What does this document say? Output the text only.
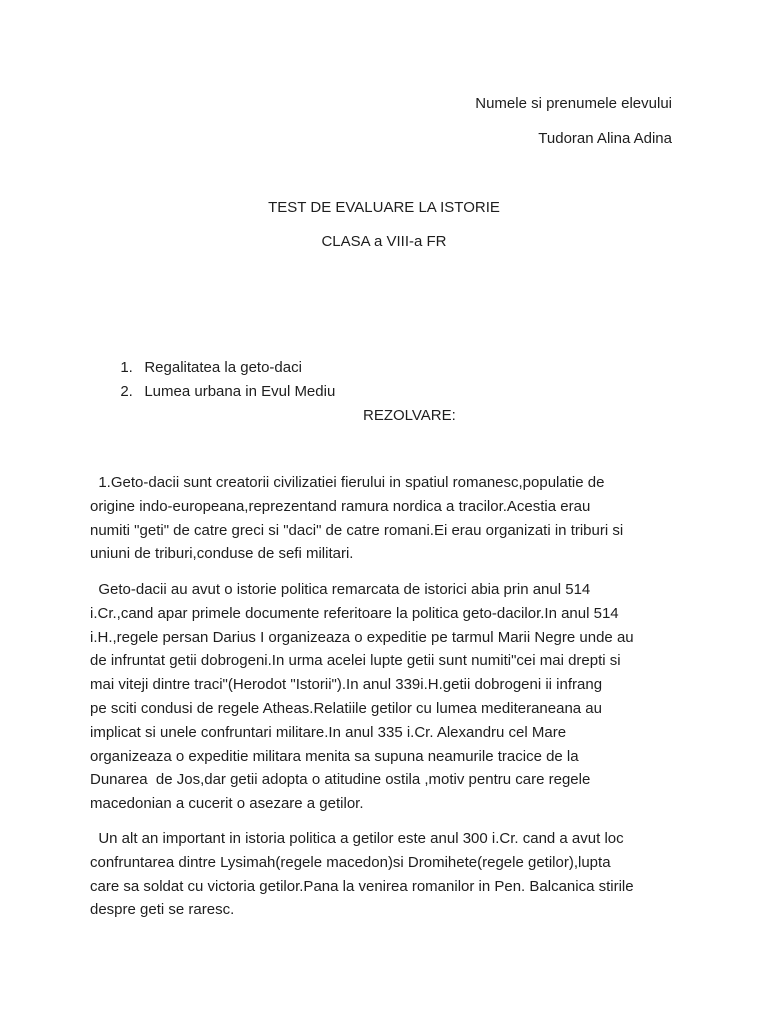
Numele si prenumele elevului
Tudoran Alina Adina
TEST DE EVALUARE LA ISTORIE
CLASA a VIII-a FR

1. Regalitatea la geto-daci

2. Lumea urbana in Evul Mediu

REZOLVARE:
1.Geto-dacii sunt creatorii civilizatiei fierului in spatiul romanesc,populatie de
origine indo-europeana,reprezentand ramura nordica a tracilor.Acestia erau
numiti "geti" de catre greci si "daci" de catre romani.Ei erau organizati in triburi si
uniuni de triburi,conduse de sefi militari.
Geto-dacii au avut o istorie politica remarcata de istorici abia prin anul 514
i.Cr.,cand apar primele documente referitoare la politica geto-dacilor.In anul 514
i.H.,regele persan Darius I organizeaza o expeditie pe tarmul Marii Negre unde au
de infruntat getii dobrogeni.In urma acelei lupte getii sunt numiti"cei mai drepti si
mai viteji dintre traci"(Herodot "Istorii").In anul 339i.H.getii dobrogeni ii infrang
pe sciti condusi de regele Atheas.Relatiile getilor cu lumea mediteraneana au
implicat si unele confruntari militare.In anul 335 i.Cr. Alexandru cel Mare
organizeaza o expeditie militara menita sa supuna neamurile tracice de la
Dunarea  de Jos,dar getii adopta o atitudine ostila ,motiv pentru care regele
macedonian a cucerit o asezare a getilor.
Un alt an important in istoria politica a getilor este anul 300 i.Cr. cand a avut loc
confruntarea dintre Lysimah(regele macedon)si Dromihete(regele getilor),lupta
care sa soldat cu victoria getilor.Pana la venirea romanilor in Pen. Balcanica stirile
despre geti se raresc.
